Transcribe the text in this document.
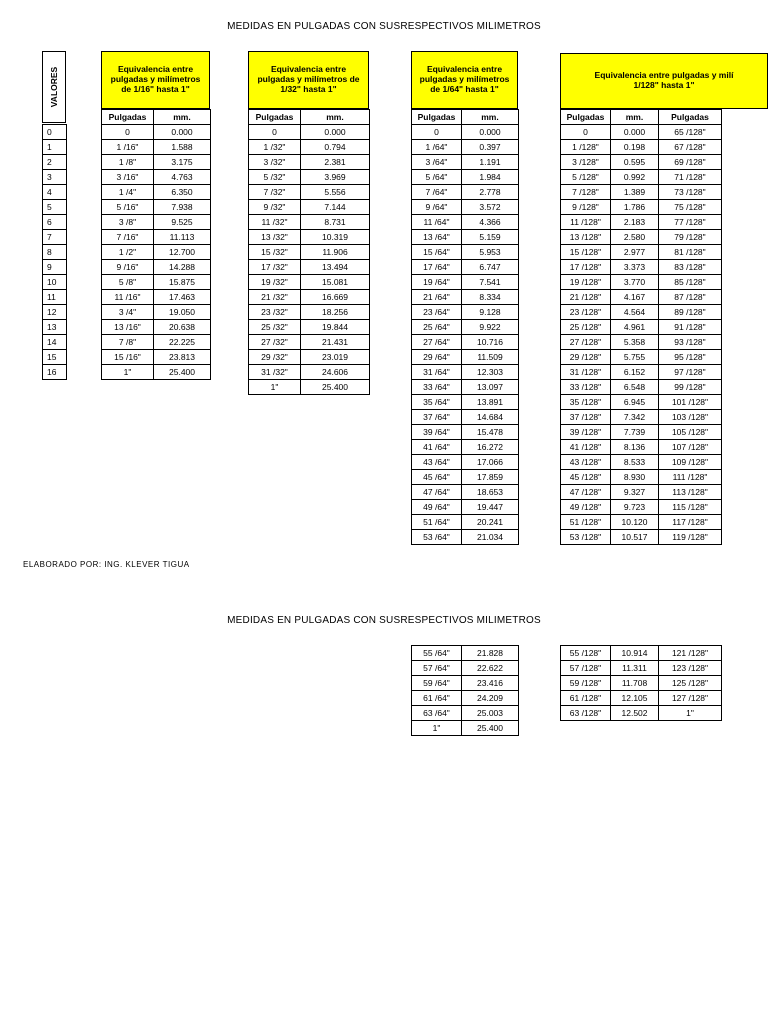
MEDIDAS EN PULGADAS CON SUSRESPECTIVOS MILIMETROS
VALORES
0
1
2
3
4
5
6
7
8
9
10
11
12
13
14
15
16
Equivalencia entre pulgadas y milímetros de 1/16" hasta 1"
Pulgadas	mm.
0	0.000
1 /16"	1.588
1 /8"	3.175
3 /16"	4.763
1 /4"	6.350
5 /16"	7.938
3 /8"	9.525
7 /16"	11.113
1 /2"	12.700
9 /16"	14.288
5 /8"	15.875
11 /16"	17.463
3 /4"	19.050
13 /16"	20.638
7 /8"	22.225
15 /16"	23.813
1"	25.400
Equivalencia entre pulgadas y milímetros de 1/32" hasta 1"
Pulgadas	mm.
0	0.000
1 /32"	0.794
3 /32"	2.381
5 /32"	3.969
7 /32"	5.556
9 /32"	7.144
11 /32"	8.731
13 /32"	10.319
15 /32"	11.906
17 /32"	13.494
19 /32"	15.081
21 /32"	16.669
23 /32"	18.256
25 /32"	19.844
27 /32"	21.431
29 /32"	23.019
31 /32"	24.606
1"	25.400
Equivalencia entre pulgadas y milímetros de 1/64" hasta 1"
Pulgadas	mm.
0	0.000
1 /64"	0.397
3 /64"	1.191
5 /64"	1.984
7 /64"	2.778
9 /64"	3.572
11 /64"	4.366
13 /64"	5.159
15 /64"	5.953
17 /64"	6.747
19 /64"	7.541
21 /64"	8.334
23 /64"	9.128
25 /64"	9.922
27 /64"	10.716
29 /64"	11.509
31 /64"	12.303
33 /64"	13.097
35 /64"	13.891
37 /64"	14.684
39 /64"	15.478
41 /64"	16.272
43 /64"	17.066
45 /64"	17.859
47 /64"	18.653
49 /64"	19.447
51 /64"	20.241
53 /64"	21.034
Equivalencia entre pulgadas y milí
1/128" hasta 1"
Pulgadas	mm.	Pulgadas
0	0.000	65 /128"
1 /128"	0.198	67 /128"
3 /128"	0.595	69 /128"
5 /128"	0.992	71 /128"
7 /128"	1.389	73 /128"
9 /128"	1.786	75 /128"
11 /128"	2.183	77 /128"
13 /128"	2.580	79 /128"
15 /128"	2.977	81 /128"
17 /128"	3.373	83 /128"
19 /128"	3.770	85 /128"
21 /128"	4.167	87 /128"
23 /128"	4.564	89 /128"
25 /128"	4.961	91 /128"
27 /128"	5.358	93 /128"
29 /128"	5.755	95 /128"
31 /128"	6.152	97 /128"
33 /128"	6.548	99 /128"
35 /128"	6.945	101 /128"
37 /128"	7.342	103 /128"
39 /128"	7.739	105 /128"
41 /128"	8.136	107 /128"
43 /128"	8.533	109 /128"
45 /128"	8.930	111 /128"
47 /128"	9.327	113 /128"
49 /128"	9.723	115 /128"
51 /128"	10.120	117 /128"
53 /128"	10.517	119 /128"
ELABORADO POR: ING. KLEVER TIGUA
MEDIDAS EN PULGADAS CON SUSRESPECTIVOS MILIMETROS
55 /64"	21.828
57 /64"	22.622
59 /64"	23.416
61 /64"	24.209
63 /64"	25.003
1"	25.400
55 /128"	10.914	121 /128"
57 /128"	11.311	123 /128"
59 /128"	11.708	125 /128"
61 /128"	12.105	127 /128"
63 /128"	12.502	1"
